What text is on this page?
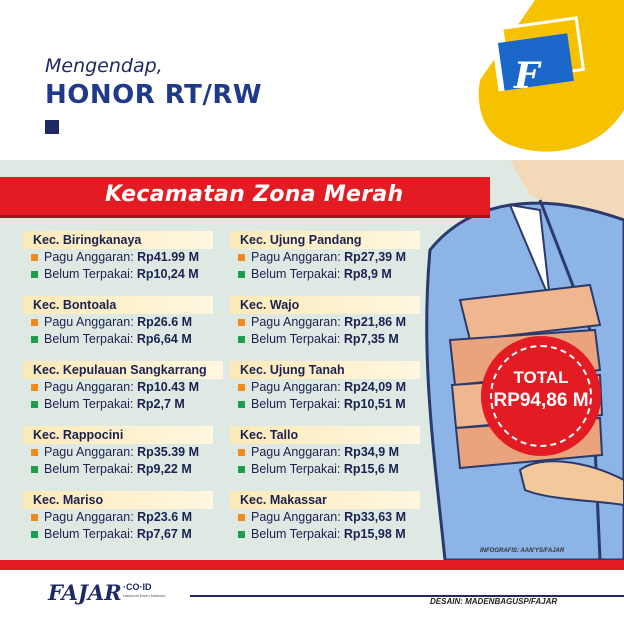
Mengendap,
HONOR RT/RW	F
Kecamatan Zona Merah
Kec. Biringkanaya
Pagu Anggaran: Rp41.99 M
Belum Terpakai: Rp10,24 M
Kec. Bontoala
Pagu Anggaran: Rp26.6 M
Belum Terpakai: Rp6,64 M
Kec. Kepulauan Sangkarrang
Pagu Anggaran: Rp10.43 M
Belum Terpakai: Rp2,7 M
Kec. Rappocini
Pagu Anggaran: Rp35.39 M
Belum Terpakai: Rp9,22 M
Kec. Mariso
Pagu Anggaran: Rp23.6 M
Belum Terpakai: Rp7,67 M
Kec. Ujung Pandang
Pagu Anggaran: Rp27,39 M
Belum Terpakai: Rp8,9 M
Kec. Wajo
Pagu Anggaran: Rp21,86 M
Belum Terpakai: Rp7,35 M
Kec. Ujung Tanah
Pagu Anggaran: Rp24,09 M
Belum Terpakai: Rp10,51 M
Kec. Tallo
Pagu Anggaran: Rp34,9 M
Belum Terpakai: Rp15,6 M
Kec. Makassar
Pagu Anggaran: Rp33,63 M
Belum Terpakai: Rp15,98 M
TOTAL
RP94,86 M
INFOGRAFIS: AAN'YS/FAJAR
FAJAR ·CO·ID
Nasional Moen Network
DESAIN: MADENBAGUSP/FAJAR
